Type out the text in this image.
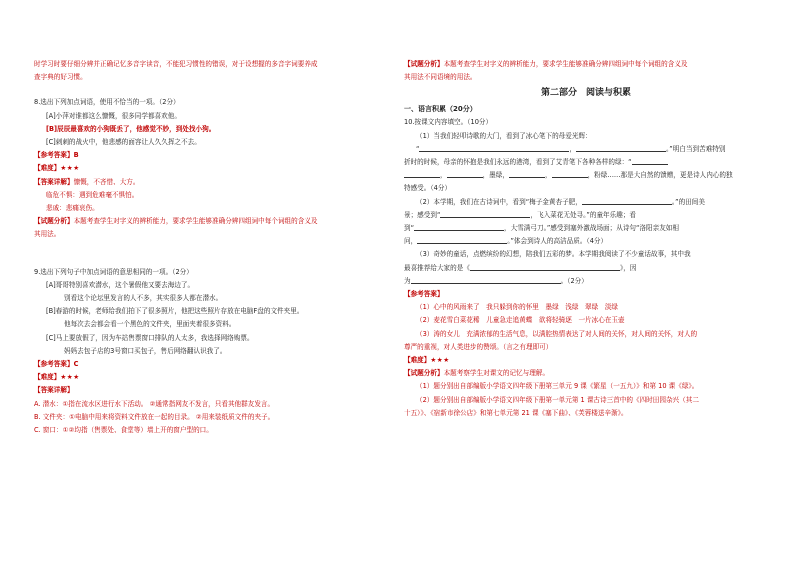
时学习时要仔细分辨并正确记忆多音字读音，不能犯习惯性的错误，对于设想握的多音字词要养成
查字典的好习惯。
8.选出下列加点词语，使用不恰当的一项。（2分）
[A]小萍对谁都这么慷慨，很多同学都喜欢他。
[B]辰辰最喜欢的小狗既丢了，他感觉不妙，到处找小狗。
[C]刺刺的战火中，他悲感的面容让人久久挥之不去。
【参考答案】B
【难度】★★★
【答案详解】慷慨，不吝惜、大方。
临危不惧：遇到危难毫不惧怕。
悲戚：悲痛哀伤。
【试题分析】本题考查学生对字义的辨析能力，要求学生能够准确分辨四组词中每个词组的含义及
其用法。
9.选出下列句子中加点词语的意思相同的一项。（2分）
[A]哥哥特别喜欢潜水，这个暑假他又要去海边了。
别看这个论坛里发言的人不多，其实很多人都在潜水。
[B]春游的时候，老师给我们拍下了很多照片，他把这些照片存放在电脑F盘的文件夹里。
他每次去会都会看一个黑色的文件夹，里面夹着很多资料。
[C]马上要放假了，因为车站售票窗口排队的人太多，我选择网络购票。
妈妈去包子店的3号窗口买包子，售后网络翻认识我了。
【参考答案】C
【难度】★★★
【答案详解】
A. 潜水：①指在流水区进行水下活动。 ②通常指网友不发言，只看其他群友发言。
B. 文件夹：①电脑中用来将资料文件放在一起的目录。 ②用来装纸质文件的夹子。
C. 窗口：①②均指（售票处、食堂等）墙上开的窗户型的口。
【试题分析】本题考查学生对字义的辨析能力，要求学生能够准确分辨四组词中每个词组的含义及
其用法不同语境的用法。
第二部分　阅读与积累
一、语言积累（20分）
10.按课文内容填空。（10分）
（1）当我们轻叩诗歌的大门，看到了冰心笔下的母爱光辉：
“	，	。”明白当到苦难特别
折时的时候，母亲的怀抱是我们永远的港湾，看到了艾青笔下各种各样的绿：“
，	，墨绿，	，	，粉绿……那是大自然的馈赠，更是诗人内心的独
特感受。（4分）
（2）本学期，我们在古诗词中，看到“梅子金黄杏子肥，	。”的田间美
景；感受到“	，飞入菜花无处寻。”的童年乐趣；看
到“	，大雪满弓刀。”感受到塞外激战场面；从诗句“洛阳亲友如相
问，	。”体会到诗人的高洁品质。（4分）
（3）奇妙的童话，点燃缤纷的幻想，陪我们五彩的梦。本学期我阅读了不少童话故事，其中我
最喜推荐给大家的是《	》，因
为	。（2分）
【参考答案】
（1）心中的风雨来了　我只躲到你的怀里　墨绿　浅绿　翠绿　淡绿
（2）麦花雪白菜花稀　儿童急走追黄蝶　欲将轻骑逐　一片冰心在玉壶
（3）涛的女儿　充满浓郁的生活气息，以满腔热情表达了对人间的关怀，对人间的关怀，对人的
尊严的重视，对人类进步的赞颂。（言之有理即可）
【难度】★★★
【试题分析】本题考察学生对课文的记忆与理解。
（1）题分别出自部编版小学语文四年级下册第三单元 9 课《繁星（一五九）》和第 10 课《绿》。
（2）题分别出自部编版小学语文四年级下册第一单元第 1 课古诗三首中的《四时田园杂兴（其二
十五）》、《宿新市徐公店》和第七单元第 21 课《塞下曲》、《芙蓉楼送辛渐》。
